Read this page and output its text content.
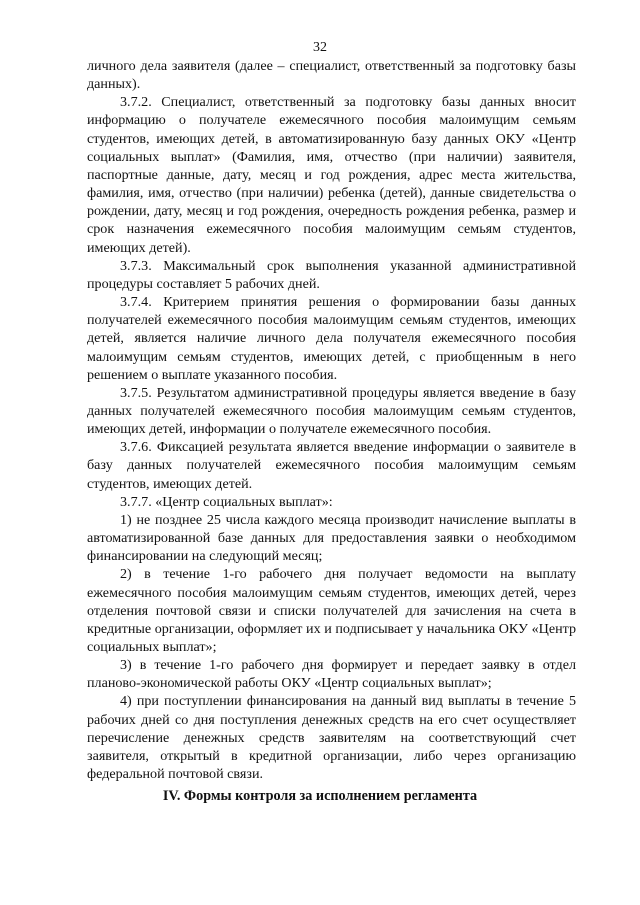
32

личного дела заявителя (далее – специалист, ответственный за подготовку базы данных).

3.7.2. Специалист, ответственный за подготовку базы данных вносит информацию о получателе ежемесячного пособия малоимущим семьям студентов, имеющих детей, в автоматизированную базу данных ОКУ «Центр социальных выплат» (Фамилия, имя, отчество (при наличии) заявителя, паспортные данные, дату, месяц и год рождения, адрес места жительства, фамилия, имя, отчество (при наличии) ребенка (детей), данные свидетельства о рождении, дату, месяц и год рождения, очередность рождения ребенка, размер и срок назначения ежемесячного пособия малоимущим семьям студентов, имеющих детей).

3.7.3. Максимальный срок выполнения указанной административной процедуры составляет 5 рабочих дней.

3.7.4. Критерием принятия решения о формировании базы данных получателей ежемесячного пособия малоимущим семьям студентов, имеющих детей, является наличие личного дела получателя ежемесячного пособия малоимущим семьям студентов, имеющих детей, с приобщенным в него решением о выплате указанного пособия.

3.7.5. Результатом административной процедуры является введение в базу данных получателей ежемесячного пособия малоимущим семьям студентов, имеющих детей, информации о получателе ежемесячного пособия.

3.7.6. Фиксацией результата является введение информации о заявителе в базу данных получателей ежемесячного пособия малоимущим семьям студентов, имеющих детей.

3.7.7. «Центр социальных выплат»:

1) не позднее 25 числа каждого месяца производит начисление выплаты в автоматизированной базе данных для предоставления заявки о необходимом финансировании на следующий месяц;

2) в течение 1-го рабочего дня получает ведомости на выплату ежемесячного пособия малоимущим семьям студентов, имеющих детей, через отделения почтовой связи и списки получателей для зачисления на счета в кредитные организации, оформляет их и подписывает у начальника ОКУ «Центр социальных выплат»;

3) в течение 1-го рабочего дня формирует и передает заявку в отдел планово-экономической работы ОКУ «Центр социальных выплат»;

4) при поступлении финансирования на данный вид выплаты в течение 5 рабочих дней со дня поступления денежных средств на его счет осуществляет перечисление денежных средств заявителям на соответствующий счет заявителя, открытый в кредитной организации, либо через организацию федеральной почтовой связи.

IV. Формы контроля за исполнением регламента
